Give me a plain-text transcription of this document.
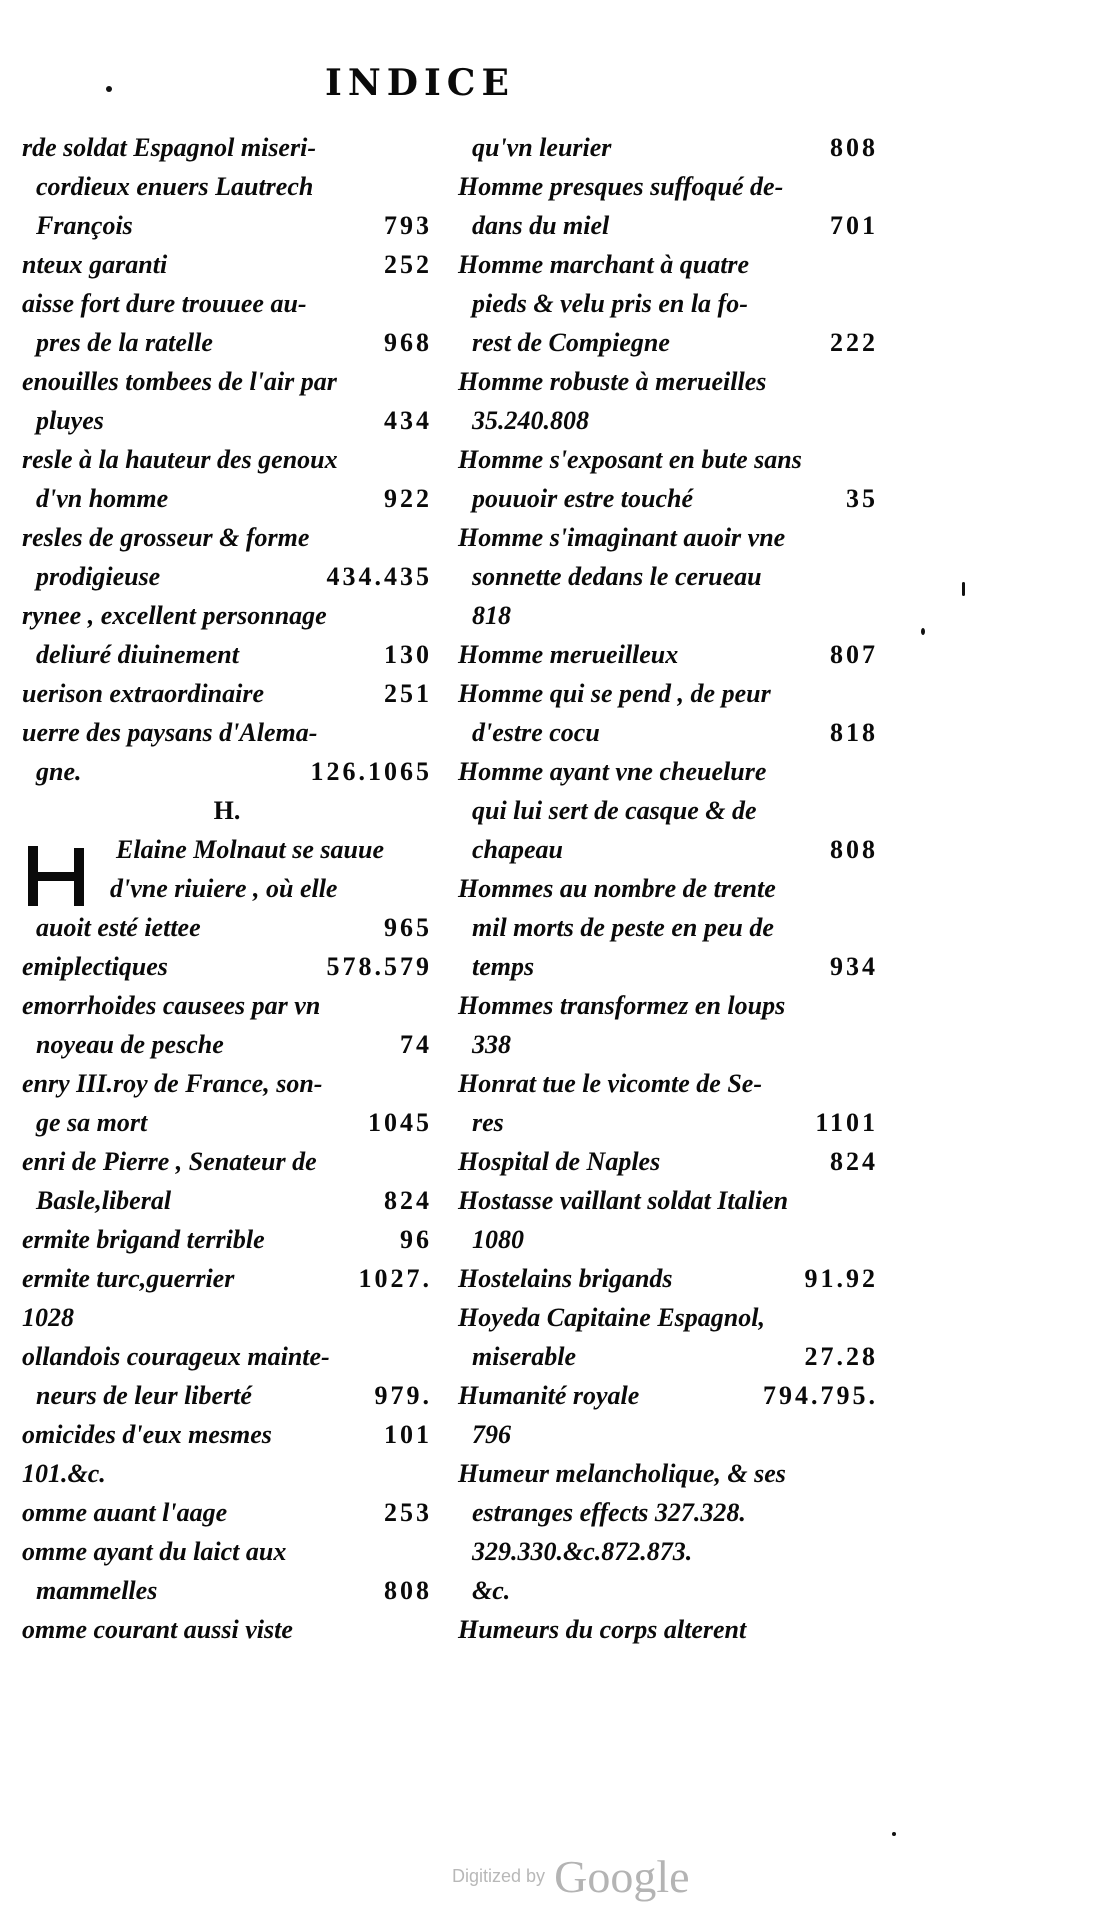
INDICE
rde soldat Espagnol miseri-
cordieux enuers Lautrech
François	793
nteux garanti	252
aisse fort dure trouuee au-
pres de la ratelle	968
enouilles tombees de l'air par
pluyes	434
resle à la hauteur des genoux
d'vn homme	922
resles de grosseur & forme
prodigieuse	434.435
rynee , excellent personnage
deliuré diuinement	130
uerison extraordinaire	251
uerre des paysans d'Alema-
gne.	126.1065
H.
Elaine Molnaut se sauue
d'vne riuiere , où elle
auoit esté iettee	965
emiplectiques	578.579
emorrhoides causees par vn
noyeau de pesche	74
enry III.roy de France, son-
ge sa mort	1045
enri de Pierre , Senateur de
Basle,liberal	824
ermite brigand terrible	96
ermite turc,guerrier	1027.
1028
ollandois courageux mainte-
neurs de leur liberté	979.
omicides d'eux mesmes	101
101.&c.
omme auant l'aage	253
omme ayant du laict aux
mammelles	808
omme courant aussi viste
qu'vn leurier	808
Homme presques suffoqué de-
dans du miel	701
Homme marchant à quatre
pieds & velu pris en la fo-
rest de Compiegne	222
Homme robuste à merueilles
35.240.808
Homme s'exposant en bute sans
pouuoir estre touché	35
Homme s'imaginant auoir vne
sonnette dedans le cerueau
818
Homme merueilleux	807
Homme qui se pend , de peur
d'estre cocu	818
Homme ayant vne cheuelure
qui lui sert de casque & de
chapeau	808
Hommes au nombre de trente
mil morts de peste en peu de
temps	934
Hommes transformez en loups
338
Honrat tue le vicomte de Se-
res	1101
Hospital de Naples	824
Hostasse vaillant soldat Italien
1080
Hostelains brigands	91.92
Hoyeda Capitaine Espagnol,
miserable	27.28
Humanité royale	794.795.
796
Humeur melancholique, & ses
estranges effects 327.328.
329.330.&c.872.873.
&c.
Humeurs du corps alterent
Digitized by Google
